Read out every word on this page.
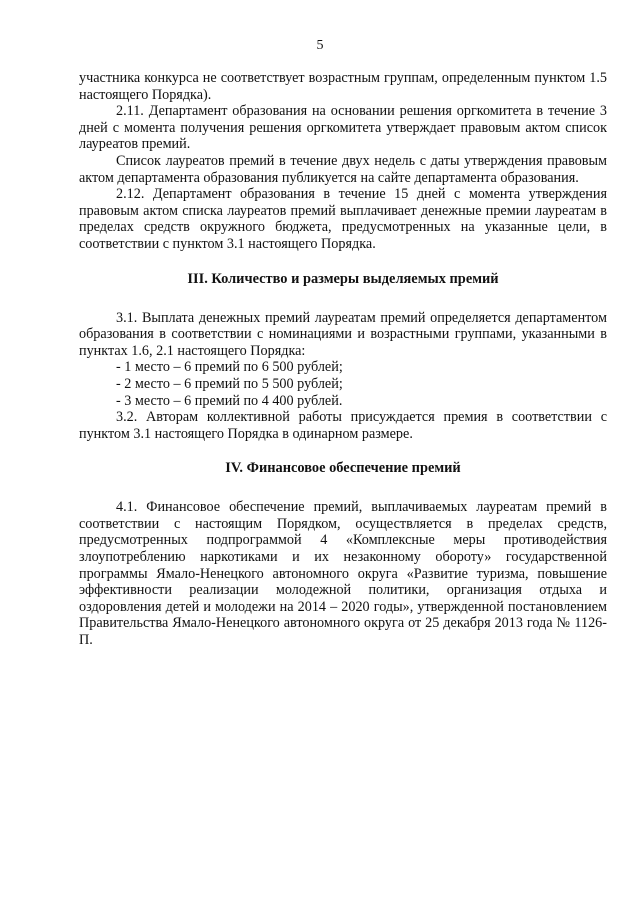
5

участника конкурса не соответствует возрастным группам, определенным пунктом 1.5 настоящего Порядка).

2.11. Департамент образования на основании решения оргкомитета в течение 3 дней с момента получения решения оргкомитета утверждает правовым актом список лауреатов премий.

Список лауреатов премий в течение двух недель с даты утверждения правовым актом департамента образования публикуется на сайте департамента образования.

2.12. Департамент образования в течение 15 дней с момента утверждения правовым актом списка лауреатов премий выплачивает денежные премии лауреатам в пределах средств окружного бюджета, предусмотренных на указанные цели, в соответствии с пунктом 3.1 настоящего Порядка.

III. Количество и размеры выделяемых премий

3.1. Выплата денежных премий лауреатам премий определяется департаментом образования в соответствии с номинациями и возрастными группами, указанными в пунктах 1.6, 2.1 настоящего Порядка:

- 1 место – 6 премий по 6 500 рублей;

- 2 место – 6 премий по 5 500 рублей;

- 3 место – 6 премий по 4 400 рублей.

3.2. Авторам коллективной работы присуждается премия в соответствии с пунктом 3.1 настоящего Порядка в одинарном размере.

IV. Финансовое обеспечение премий

4.1. Финансовое обеспечение премий, выплачиваемых лауреатам премий в соответствии с настоящим Порядком, осуществляется в пределах средств, предусмотренных подпрограммой 4 «Комплексные меры противодействия злоупотреблению наркотиками и их незаконному обороту» государственной программы Ямало-Ненецкого автономного округа «Развитие туризма, повышение эффективности реализации молодежной политики, организация отдыха и оздоровления детей и молодежи на 2014 – 2020 годы», утвержденной постановлением Правительства Ямало-Ненецкого автономного округа от 25 декабря 2013 года № 1126-П.
